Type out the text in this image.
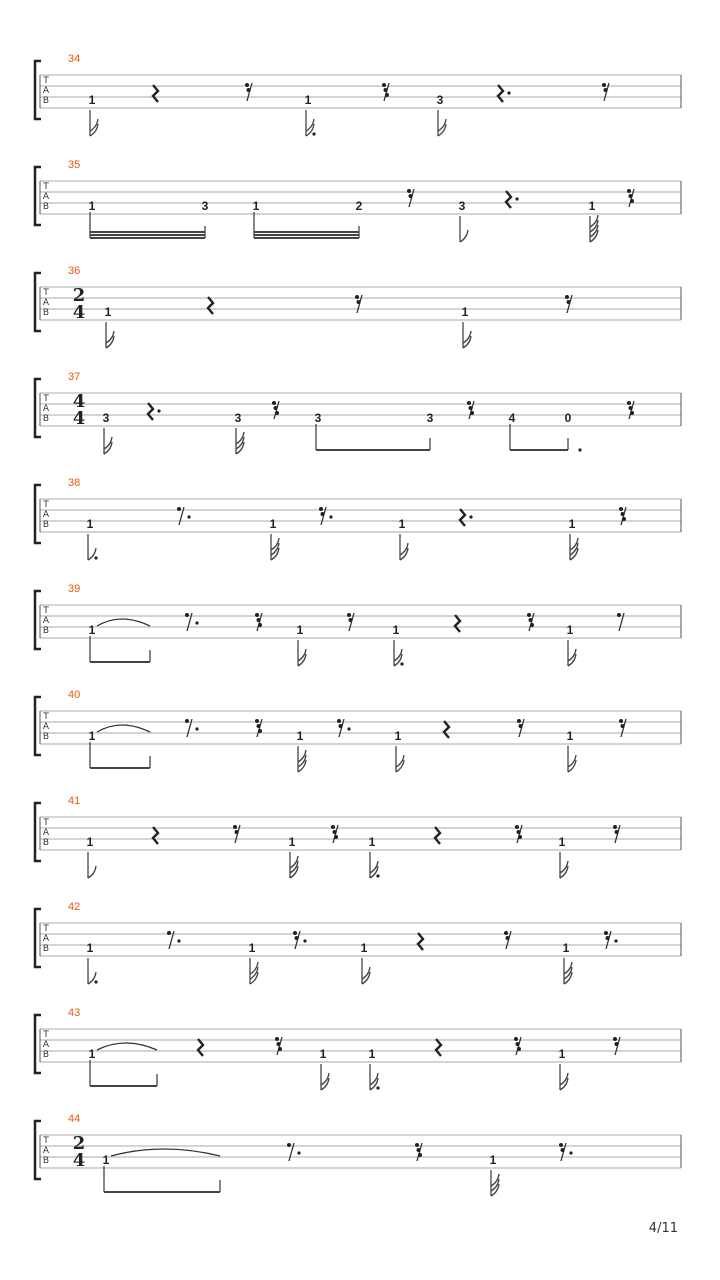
T
A
B
34
1	1	3
T
A
B
35
1	3	1	2	3	1
T
A
B
36
2
4 1	1
T
A
B
37
4
4 3	3	3	3	4	0
T
A
B
38
1	1	1	1
T
A
B
39
1	1	1	1
T
A
B
40
1	1	1	1
T
A
B
41
1	1	1	1
T
A
B
42
1	1	1	1
T
A
B
43
1	1	1	1
T
A
B
44
2
4 1	1
4/11
